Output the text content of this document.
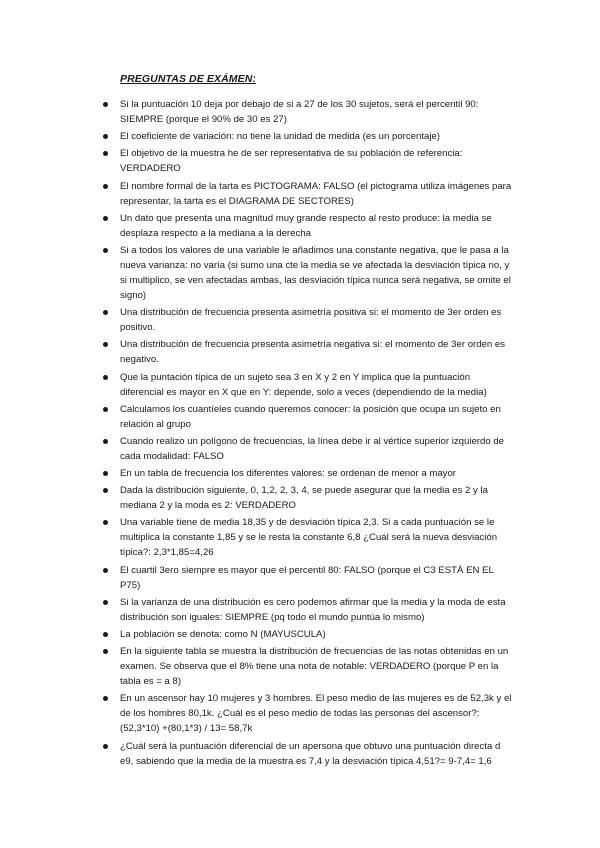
PREGUNTAS DE EXÁMEN:
Si la puntuación 10 deja por debajo de si a 27 de los 30 sujetos, será el percentil 90: SIEMPRE (porque el 90% de 30 es 27)
El coeficiente de variación: no tiene la unidad de medida (es un porcentaje)
El objetivo de la muestra he de ser representativa de su población de referencia: VERDADERO
El nombre formal de la tarta es PICTOGRAMA: FALSO (el pictograma utiliza imágenes para representar, la tarta es el DIAGRAMA DE SECTORES)
Un dato que presenta una magnitud muy grande respecto al resto produce: la media se desplaza respecto a la mediana a la derecha
Si a todos los valores de una variable le añadimos una constante negativa, que le pasa a la nueva varianza: no varía (si sumo una cte la media se ve afectada la desviación típica no, y si multiplico, se ven afectadas ambas, las desviación típica nunca será negativa, se omite el signo)
Una distribución de frecuencia presenta asimetría positiva si: el momento de 3er orden es positivo.
Una distribución de frecuencia presenta asimetría negativa si: el momento de 3er orden es negativo.
Que la puntación típica de un sujeto sea 3 en X y 2 en Y implica que la puntuación diferencial es mayor en X que en Y: depende, solo a veces (dependiendo de la media)
Calculamos los cuantíeles cuando queremos conocer: la posición que ocupa un sujeto en relación al grupo
Cuando realizo un polígono de frecuencias, la línea debe ir al vértice superior izquierdo de cada modalidad: FALSO
En un tabla de frecuencia los diferentes valores: se ordenan de menor a mayor
Dada la distribución siguiente, 0, 1,2, 2, 3, 4, se puede asegurar que la media es 2 y la mediana 2 y la moda es 2: VERDADERO
Una variable tiene de media 18,35 y de desviación típica 2,3. Si a cada puntuación se le multiplica la constante 1,85 y se le resta la constante 6,8 ¿Cuál será la nueva desviación típica?: 2,3*1,85=4,26
El cuartil 3ero siempre es mayor que el percentil 80: FALSO (porque el C3 ESTÁ EN EL P75)
Si la varianza de una distribución es cero podemos afirmar que la media y la moda de esta distribución son iguales: SIEMPRE (pq todo el mundo puntúa lo mismo)
La población se denota: como N (MAYUSCULA)
En la siguiente tabla se muestra la distribución de frecuencias de las notas obtenidas en un examen. Se observa que el 8% tiene una nota de notable: VERDADERO (porque P en la tabla es = a 8)
En un ascensor hay 10 mujeres y 3 hombres. El peso medio de las mujeres es de 52,3k y el de los hombres 80,1k. ¿Cuál es el peso medio de todas las personas del ascensor?: (52,3*10) +(80,1*3) / 13= 58,7k
¿Cuál será la puntuación diferencial de un apersona que obtuvo una puntuación directa d e9, sabiendo que la media de la muestra es 7,4 y la desviación típica 4,51?= 9-7,4= 1,6
